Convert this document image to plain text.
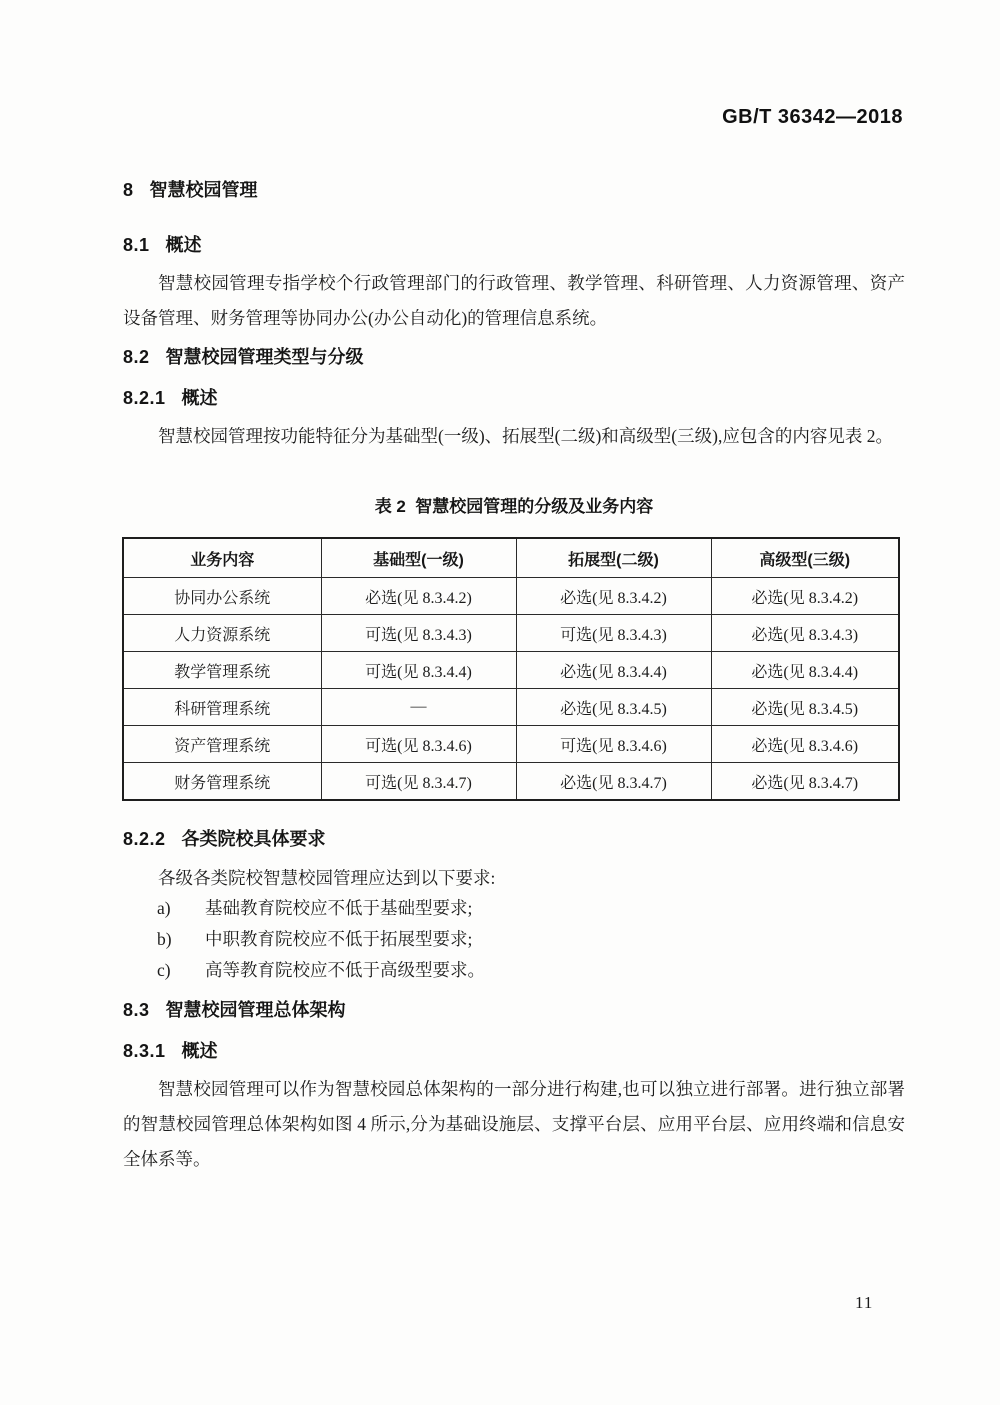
GB/T 36342—2018
8 智慧校园管理
8.1 概述
智慧校园管理专指学校个行政管理部门的行政管理、教学管理、科研管理、人力资源管理、资产设备管理、财务管理等协同办公(办公自动化)的管理信息系统。
8.2 智慧校园管理类型与分级
8.2.1 概述
智慧校园管理按功能特征分为基础型(一级)、拓展型(二级)和高级型(三级),应包含的内容见表 2。
表 2  智慧校园管理的分级及业务内容
业务内容	基础型(一级)	拓展型(二级)	高级型(三级)
协同办公系统	必选(见 8.3.4.2)	必选(见 8.3.4.2)	必选(见 8.3.4.2)
人力资源系统	可选(见 8.3.4.3)	可选(见 8.3.4.3)	必选(见 8.3.4.3)
教学管理系统	可选(见 8.3.4.4)	必选(见 8.3.4.4)	必选(见 8.3.4.4)
科研管理系统	—	必选(见 8.3.4.5)	必选(见 8.3.4.5)
资产管理系统	可选(见 8.3.4.6)	可选(见 8.3.4.6)	必选(见 8.3.4.6)
财务管理系统	可选(见 8.3.4.7)	必选(见 8.3.4.7)	必选(见 8.3.4.7)
8.2.2 各类院校具体要求
各级各类院校智慧校园管理应达到以下要求:
a)	基础教育院校应不低于基础型要求;
b)	中职教育院校应不低于拓展型要求;
c)	高等教育院校应不低于高级型要求。
8.3 智慧校园管理总体架构
8.3.1 概述
智慧校园管理可以作为智慧校园总体架构的一部分进行构建,也可以独立进行部署。进行独立部署的智慧校园管理总体架构如图 4 所示,分为基础设施层、支撑平台层、应用平台层、应用终端和信息安全体系等。
11
